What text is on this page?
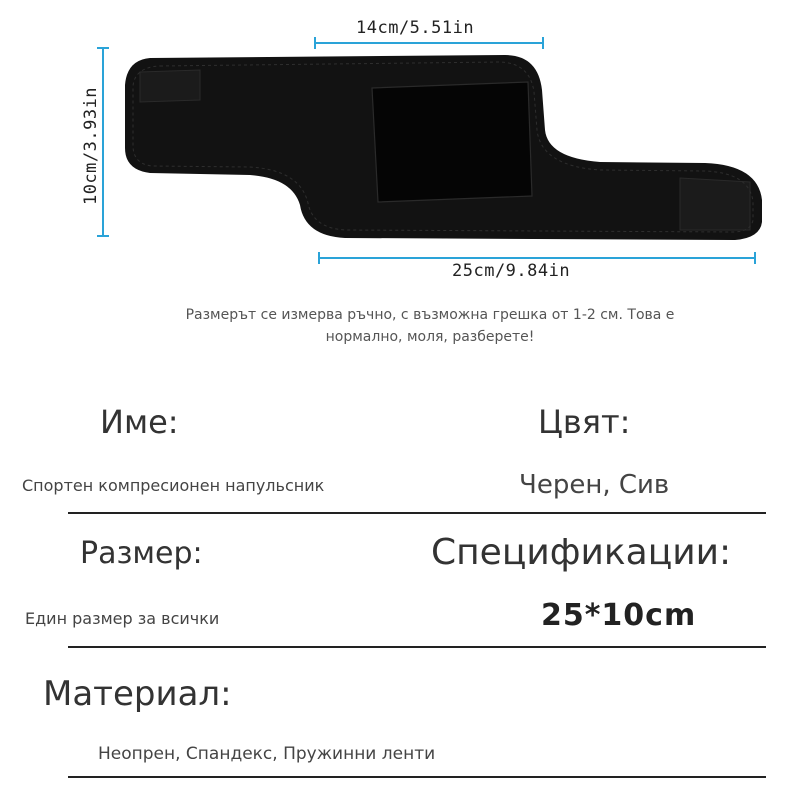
14cm/5.51in
10cm/3.93in
25cm/9.84in
Размерът се измерва ръчно, с възможна грешка от 1-2 см. Това е нормално, моля, разберете!
Име:	Цвят:
Спортен компресионен напульсник	Черен, Сив
Размер:	Спецификации:
Един размер за всички	25*10cm
Материал:
Неопрен, Спандекс, Пружинни ленти
